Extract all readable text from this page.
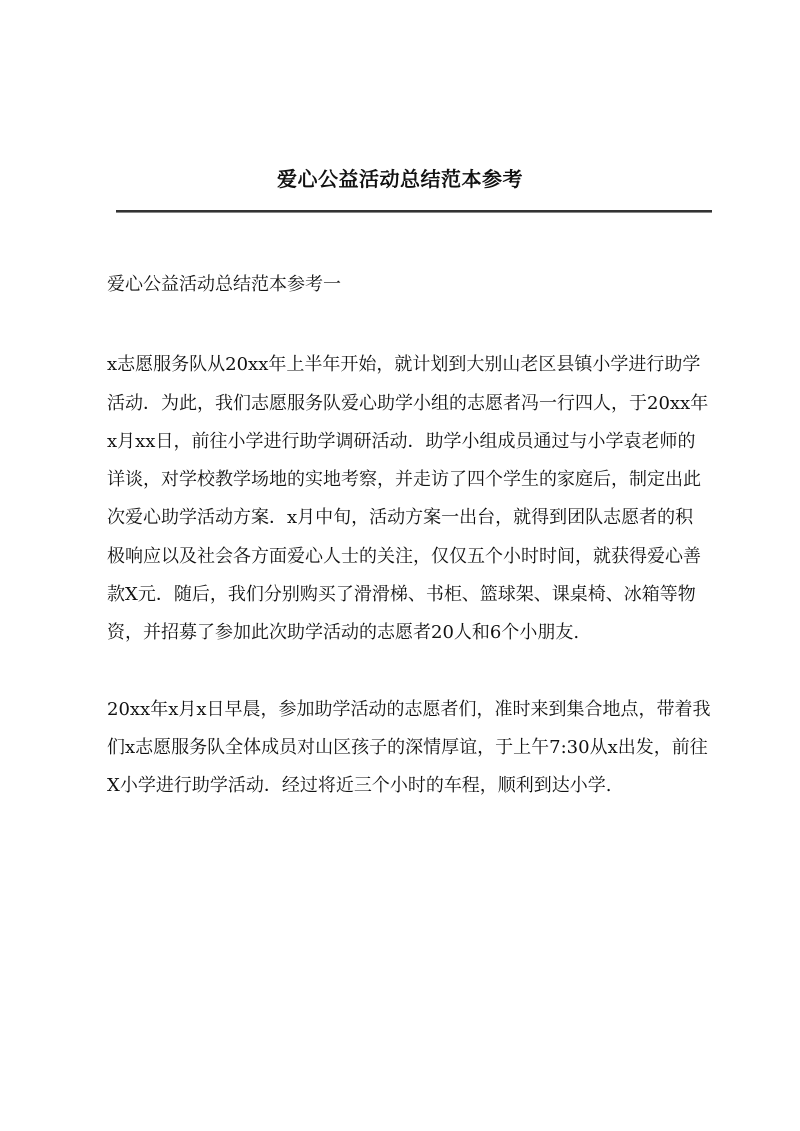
爱心公益活动总结范本参考

爱心公益活动总结范本参考一

x志愿服务队从20xx年上半年开始，就计划到大别山老区县镇小学进行助学活动．为此，我们志愿服务队爱心助学小组的志愿者冯一行四人，于20xx年x月xx日，前往小学进行助学调研活动．助学小组成员通过与小学袁老师的详谈，对学校教学场地的实地考察，并走访了四个学生的家庭后，制定出此次爱心助学活动方案．x月中旬，活动方案一出台，就得到团队志愿者的积极响应以及社会各方面爱心人士的关注，仅仅五个小时时间，就获得爱心善款X元．随后，我们分别购买了滑滑梯、书柜、篮球架、课桌椅、冰箱等物资，并招募了参加此次助学活动的志愿者20人和6个小朋友.

20xx年x月x日早晨，参加助学活动的志愿者们，准时来到集合地点，带着我们x志愿服务队全体成员对山区孩子的深情厚谊，于上午7:30从x出发，前往X小学进行助学活动．经过将近三个小时的车程，顺利到达小学.
